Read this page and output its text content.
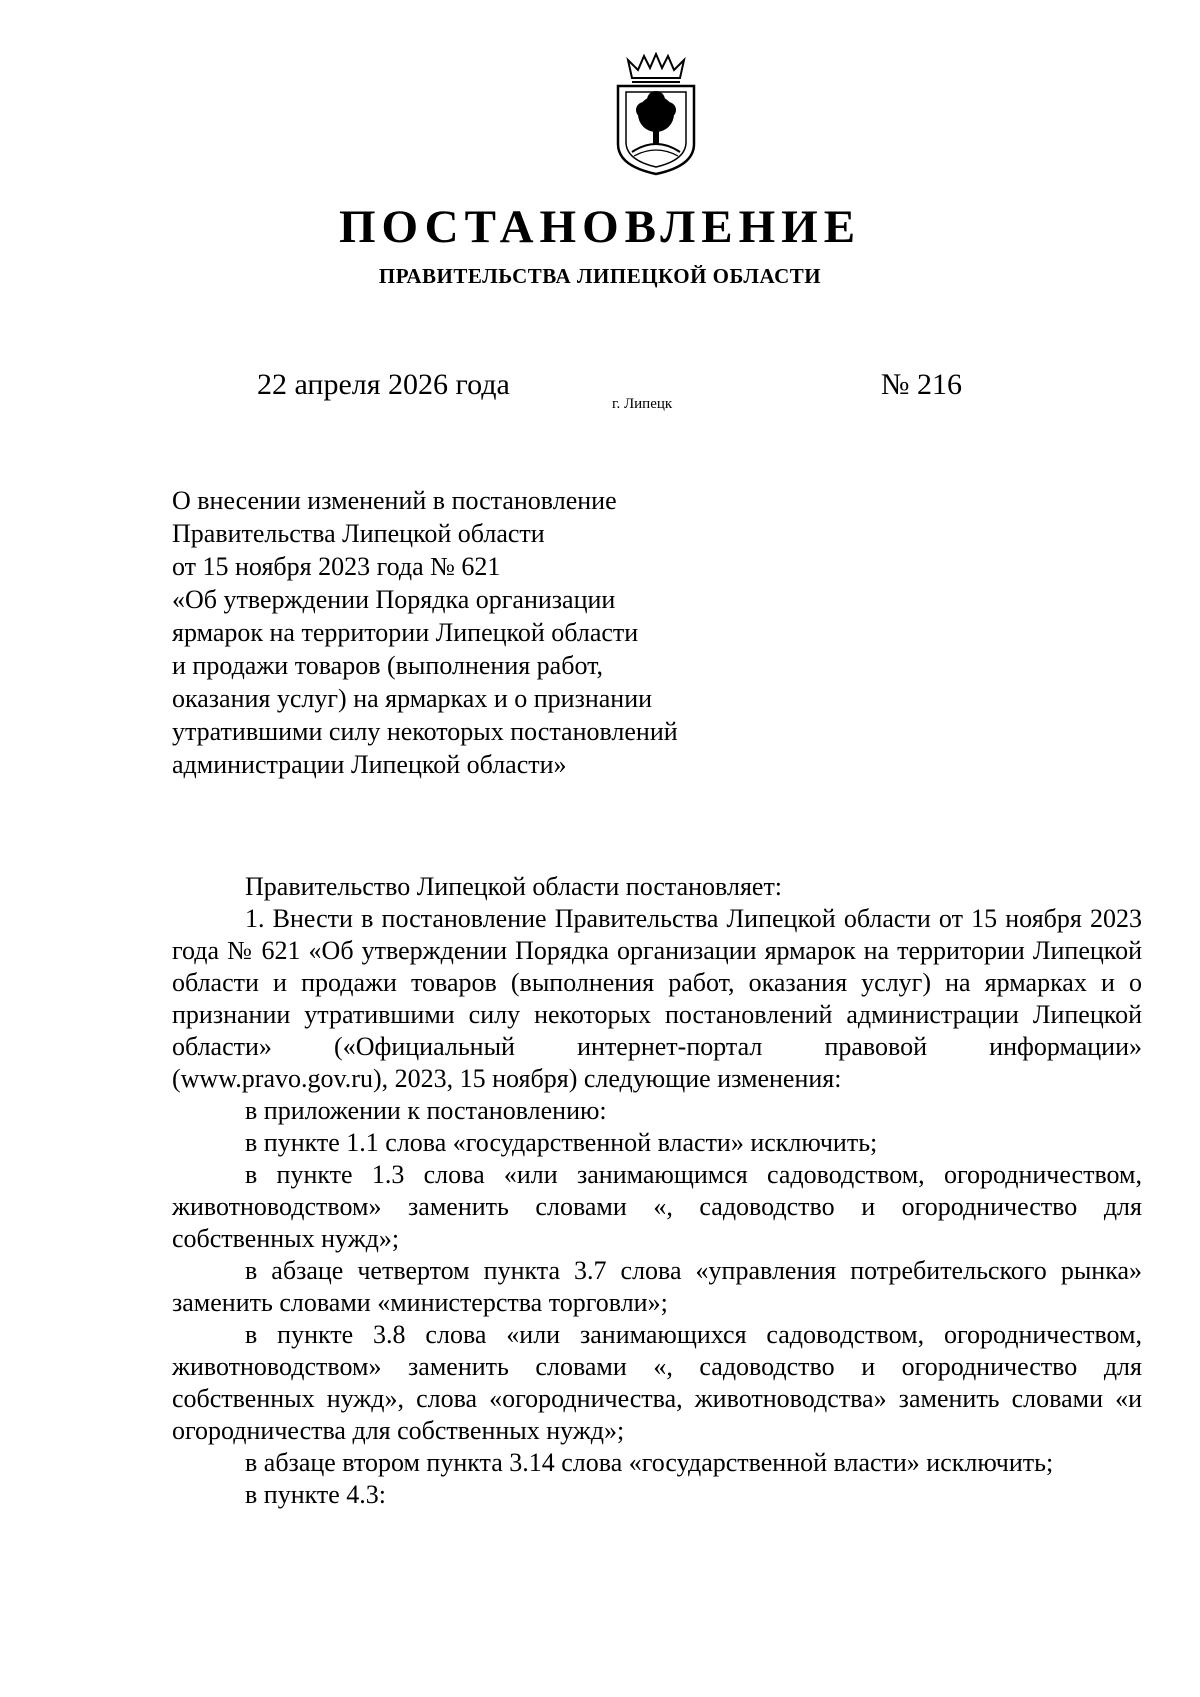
ПОСТАНОВЛЕНИЕ
ПРАВИТЕЛЬСТВА ЛИПЕЦКОЙ ОБЛАСТИ
22 апреля 2026 года
г. Липецк
№ 216
О внесении изменений в постановление
Правительства Липецкой области
от 15 ноября 2023 года № 621
«Об утверждении Порядка организации
ярмарок на территории Липецкой области
и продажи товаров (выполнения работ,
оказания услуг) на ярмарках и о признании
утратившими силу некоторых постановлений
администрации Липецкой области»

Правительство Липецкой области постановляет:

1. Внести в постановление Правительства Липецкой области от 15 ноября 2023 года № 621 «Об утверждении Порядка организации ярмарок на территории Липецкой области и продажи товаров (выполнения работ, оказания услуг) на ярмарках и о признании утратившими силу некоторых постановлений администрации Липецкой области» («Официальный интернет-портал правовой информации» (www.pravo.gov.ru), 2023, 15 ноября) следующие изменения:

в приложении к постановлению:

в пункте 1.1 слова «государственной власти» исключить;

в пункте 1.3 слова «или занимающимся садоводством, огородничеством, животноводством» заменить словами «, садоводство и огородничество для собственных нужд»;

в абзаце четвертом пункта 3.7 слова «управления потребительского рынка» заменить словами «министерства торговли»;

в пункте 3.8 слова «или занимающихся садоводством, огородничеством, животноводством» заменить словами «, садоводство и огородничество для собственных нужд», слова «огородничества, животноводства» заменить словами «и огородничества для собственных нужд»;

в абзаце втором пункта 3.14 слова «государственной власти» исключить;

в пункте 4.3:
